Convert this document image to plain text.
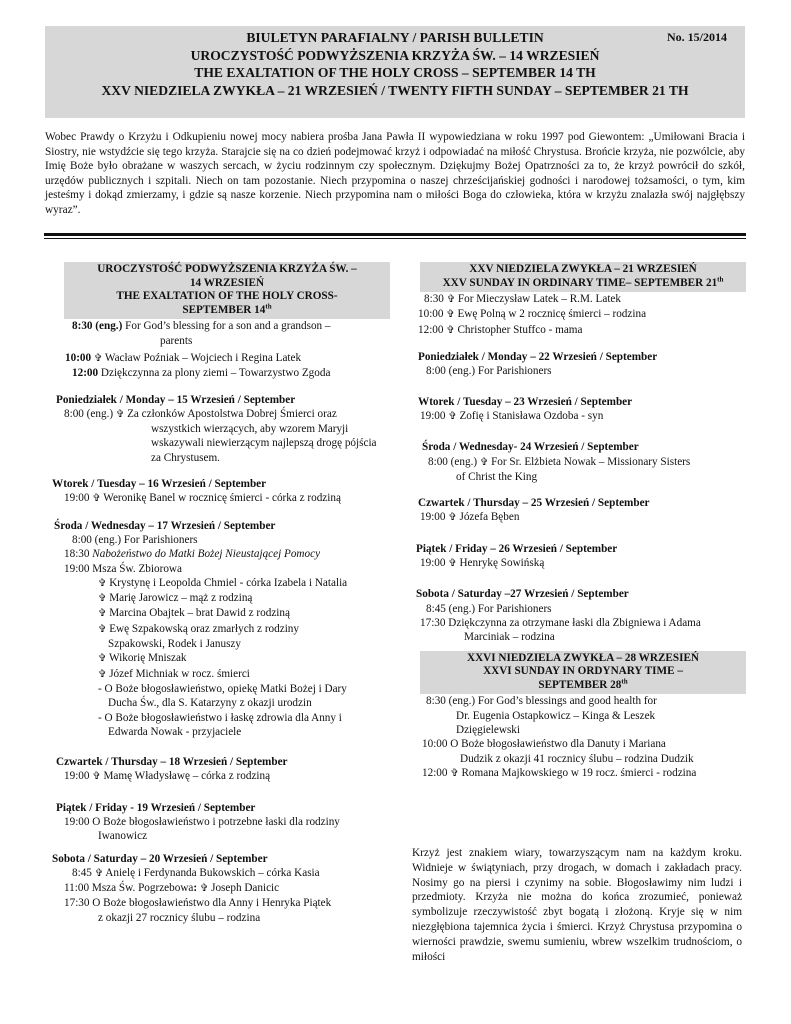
BIULETYN PARAFIALNY / PARISH BULLETIN	No. 15/2014
UROCZYSTOŚĆ PODWYŻSZENIA KRZYŻA ŚW. – 14 WRZESIEŃ
THE EXALTATION OF THE HOLY CROSS – SEPTEMBER 14 TH
XXV NIEDZIELA ZWYKŁA – 21 WRZESIEŃ / TWENTY FIFTH SUNDAY – SEPTEMBER 21 TH
Wobec Prawdy o Krzyżu i Odkupieniu nowej mocy nabiera prośba Jana Pawła II wypowiedziana w roku 1997 pod Giewontem: „Umiłowani Bracia i Siostry, nie wstydźcie się tego krzyża. Starajcie się na co dzień podejmować krzyż i odpowiadać na miłość Chrystusa. Brońcie krzyża, nie pozwólcie, aby Imię Boże było obrażane w waszych sercach, w życiu rodzinnym czy społecznym. Dziękujmy Bożej Opatrzności za to, że krzyż powrócił do szkół, urzędów publicznych i szpitali. Niech on tam pozostanie. Niech przypomina o naszej chrześcijańskiej godności i narodowej tożsamości, o tym, kim jesteśmy i dokąd zmierzamy, i gdzie są nasze korzenie. Niech przypomina nam o miłości Boga do człowieka, która w krzyżu znalazła swój najgłębszy wyraz”.
UROCZYSTOŚĆ PODWYŻSZENIA KRZYŻA ŚW. –
14 WRZESIEŃ
THE EXALTATION OF THE HOLY CROSS-
SEPTEMBER 14th
8:30 (eng.) For God’s blessing for a son and a grandson –
parents
10:00 ✞ Wacław Poźniak – Wojciech i Regina Latek
12:00 Dziękczynna za plony ziemi – Towarzystwo Zgoda
Poniedziałek / Monday – 15 Wrzesień / September
8:00 (eng.) ✞ Za członków Apostolstwa Dobrej Śmierci oraz
wszystkich wierzących, aby wzorem Maryji
wskazywali niewierzącym najlepszą drogę pójścia
za Chrystusem.
Wtorek / Tuesday – 16 Wrzesień / September
19:00 ✞ Weronikę Banel w rocznicę śmierci - córka z rodziną
Środa / Wednesday – 17 Wrzesień / September
8:00 (eng.) For Parishioners
18:30 Nabożeństwo do Matki Bożej Nieustającej Pomocy
19:00 Msza Św. Zbiorowa
✞ Krystynę i Leopolda Chmiel - córka Izabela i Natalia
✞ Marię Jarowicz – mąż z rodziną
✞ Marcina Obajtek – brat Dawid z rodziną
✞ Ewę Szpakowską oraz zmarłych z rodziny
Szpakowski, Rodek i Januszy
✞ Wikorię Mniszak
✞ Józef Michniak w rocz. śmierci
- O Boże błogosławieństwo, opiekę Matki Bożej i Dary
Ducha Św., dla S. Katarzyny z okazji urodzin
- O Boże błogosławieństwo i łaskę zdrowia dla Anny i
Edwarda Nowak - przyjaciele
Czwartek / Thursday – 18 Wrzesień / September
19:00 ✞ Mamę Władysławę – córka z rodziną
Piątek / Friday - 19 Wrzesień / September
19:00 O Boże błogosławieństwo i potrzebne łaski dla rodziny
Iwanowicz
Sobota / Saturday – 20 Wrzesień / September
8:45 ✞ Anielę i Ferdynanda Bukowskich – córka Kasia
11:00 Msza Św. Pogrzebowa: ✞ Joseph Danicic
17:30 O Boże błogosławieństwo dla Anny i Henryka Piątek
z okazji 27 rocznicy ślubu – rodzina
XXV NIEDZIELA ZWYKŁA – 21 WRZESIEŃ
XXV SUNDAY IN ORDINARY TIME– SEPTEMBER 21th
8:30 ✞ For Mieczysław Latek – R.M. Latek
10:00 ✞ Ewę Polną w 2 rocznicę śmierci – rodzina
12:00 ✞ Christopher Stuffco - mama
Poniedziałek / Monday – 22 Wrzesień / September
8:00 (eng.) For Parishioners
Wtorek / Tuesday – 23 Wrzesień / September
19:00 ✞ Zofię i Stanisława Ozdoba - syn
Środa / Wednesday- 24 Wrzesień / September
8:00 (eng.) ✞ For Sr. Elżbieta Nowak – Missionary Sisters
of Christ the King
Czwartek / Thursday – 25 Wrzesień / September
19:00 ✞ Józefa Bęben
Piątek / Friday – 26 Wrzesień / September
19:00 ✞ Henrykę Sowińską
Sobota / Saturday –27 Wrzesień / September
8:45 (eng.) For Parishioners
17:30 Dziękczynna za otrzymane łaski dla Zbigniewa i Adama
Marciniak – rodzina
XXVI NIEDZIELA ZWYKŁA – 28 WRZESIEŃ
XXVI SUNDAY IN ORDYNARY TIME –
SEPTEMBER 28th
8:30 (eng.) For God’s blessings and good health for
Dr. Eugenia Ostapkowicz – Kinga & Leszek
Dzięgielewski
10:00 O Boże błogosławieństwo dla Danuty i Mariana
Dudzik z okazji 41 rocznicy ślubu – rodzina Dudzik
12:00 ✞ Romana Majkowskiego w 19 rocz. śmierci - rodzina
Krzyż jest znakiem wiary, towarzyszącym nam na każdym kroku. Widnieje w świątyniach, przy drogach, w domach i zakładach pracy. Nosimy go na piersi i czynimy na sobie. Błogosławimy nim ludzi i przedmioty. Krzyża nie można do końca zrozumieć, ponieważ symbolizuje rzeczywistość zbyt bogatą i złożoną. Kryje się w nim niezgłębiona tajemnica życia i śmierci. Krzyż Chrystusa przypomina o wierności prawdzie, swemu sumieniu, wbrew wszelkim trudnościom, o miłości
